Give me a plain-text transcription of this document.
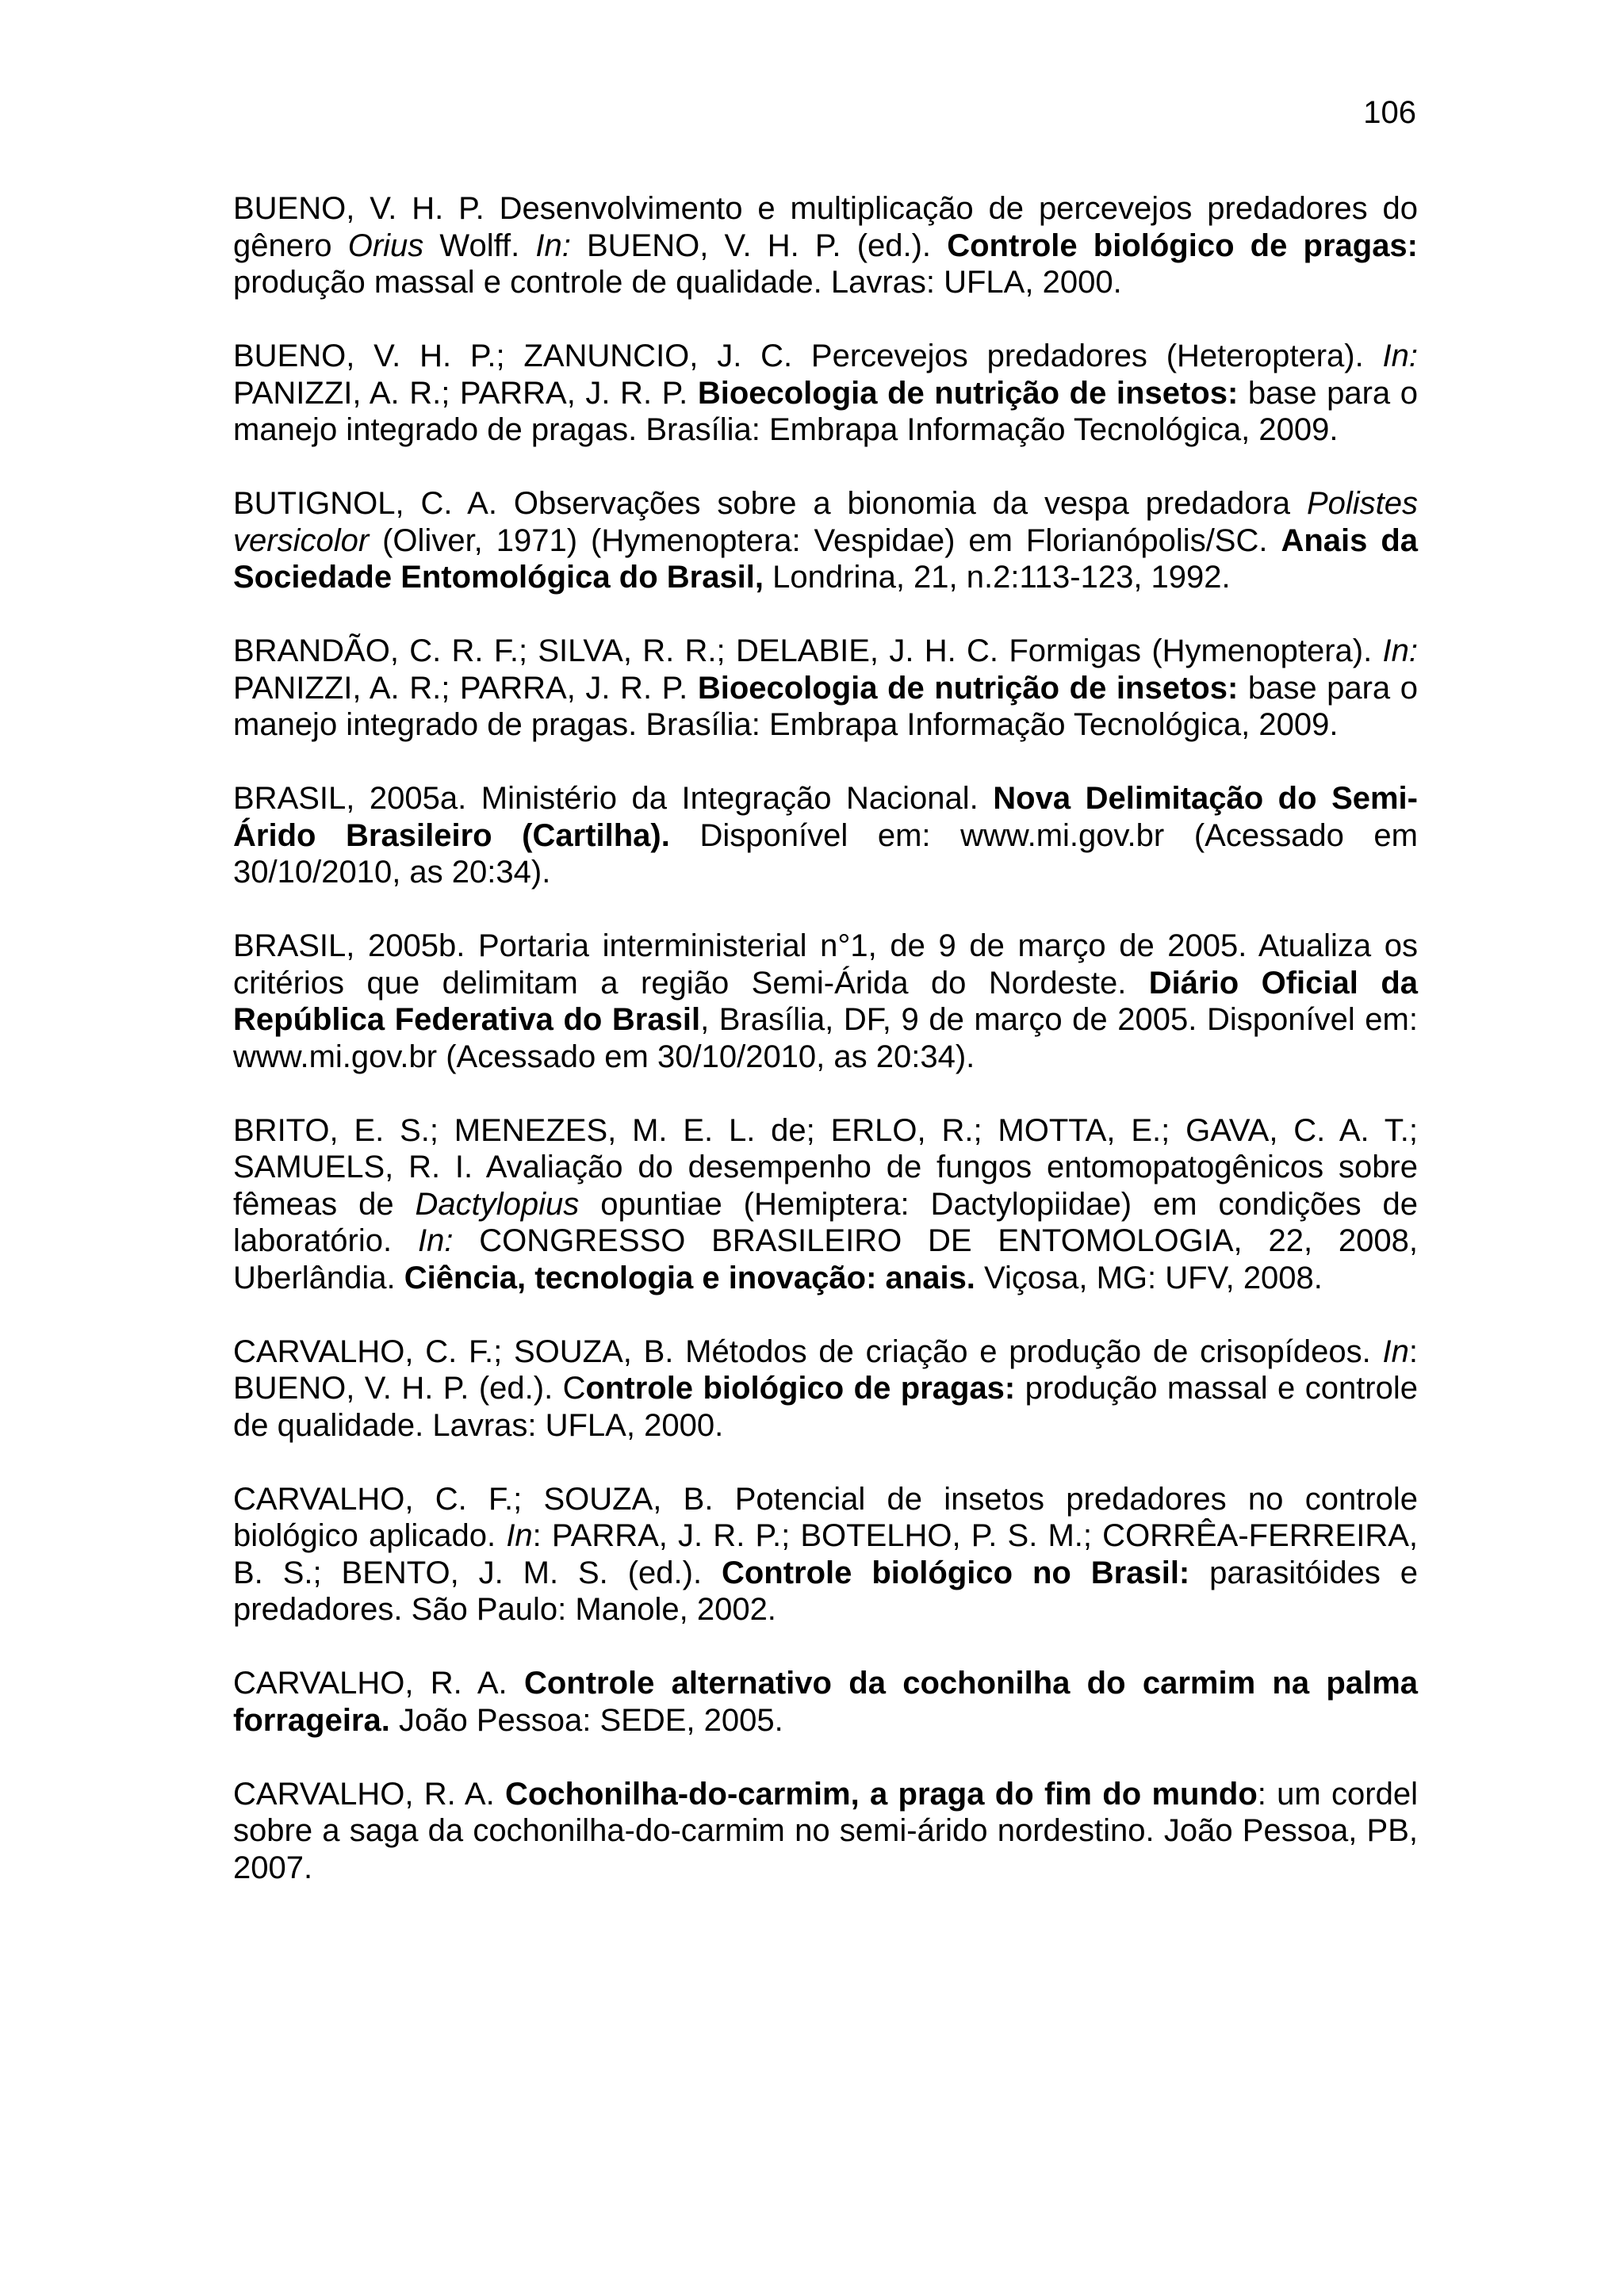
106

BUENO, V. H. P. Desenvolvimento e multiplicação de percevejos predadores do gênero Orius Wolff. In: BUENO, V. H. P. (ed.). Controle biológico de pragas: produção massal e controle de qualidade. Lavras: UFLA, 2000.

BUENO, V. H. P.; ZANUNCIO, J. C. Percevejos predadores (Heteroptera). In: PANIZZI, A. R.; PARRA, J. R. P. Bioecologia de nutrição de insetos: base para o manejo integrado de pragas. Brasília: Embrapa Informação Tecnológica, 2009.

BUTIGNOL, C. A. Observações sobre a bionomia da vespa predadora Polistes versicolor (Oliver, 1971) (Hymenoptera: Vespidae) em Florianópolis/SC. Anais da Sociedade Entomológica do Brasil, Londrina, 21, n.2:113-123, 1992.

BRANDÃO, C. R. F.; SILVA, R. R.; DELABIE, J. H. C. Formigas (Hymenoptera). In: PANIZZI, A. R.; PARRA, J. R. P. Bioecologia de nutrição de insetos: base para o manejo integrado de pragas. Brasília: Embrapa Informação Tecnológica, 2009.

BRASIL, 2005a. Ministério da Integração Nacional. Nova Delimitação do Semi-Árido Brasileiro (Cartilha). Disponível em: www.mi.gov.br (Acessado em 30/10/2010, as 20:34).

BRASIL, 2005b. Portaria interministerial n°1, de 9 de março de 2005. Atualiza os critérios que delimitam a região Semi-Árida do Nordeste. Diário Oficial da República Federativa do Brasil, Brasília, DF, 9 de março de 2005. Disponível em: www.mi.gov.br (Acessado em 30/10/2010, as 20:34).

BRITO, E. S.; MENEZES, M. E. L. de; ERLO, R.; MOTTA, E.; GAVA, C. A. T.; SAMUELS, R. I. Avaliação do desempenho de fungos entomopatogênicos sobre fêmeas de Dactylopius opuntiae (Hemiptera: Dactylopiidae) em condições de laboratório. In: CONGRESSO BRASILEIRO DE ENTOMOLOGIA, 22, 2008, Uberlândia. Ciência, tecnologia e inovação: anais. Viçosa, MG: UFV, 2008.

CARVALHO, C. F.; SOUZA, B. Métodos de criação e produção de crisopídeos. In: BUENO, V. H. P. (ed.). Controle biológico de pragas: produção massal e controle de qualidade. Lavras: UFLA, 2000.

CARVALHO, C. F.; SOUZA, B. Potencial de insetos predadores no controle biológico aplicado. In: PARRA, J. R. P.; BOTELHO, P. S. M.; CORRÊA-FERREIRA, B. S.; BENTO, J. M. S. (ed.). Controle biológico no Brasil: parasitóides e predadores. São Paulo: Manole, 2002.

CARVALHO, R. A. Controle alternativo da cochonilha do carmim na palma forrageira. João Pessoa: SEDE, 2005.

CARVALHO, R. A. Cochonilha-do-carmim, a praga do fim do mundo: um cordel sobre a saga da cochonilha-do-carmim no semi-árido nordestino. João Pessoa, PB, 2007.
